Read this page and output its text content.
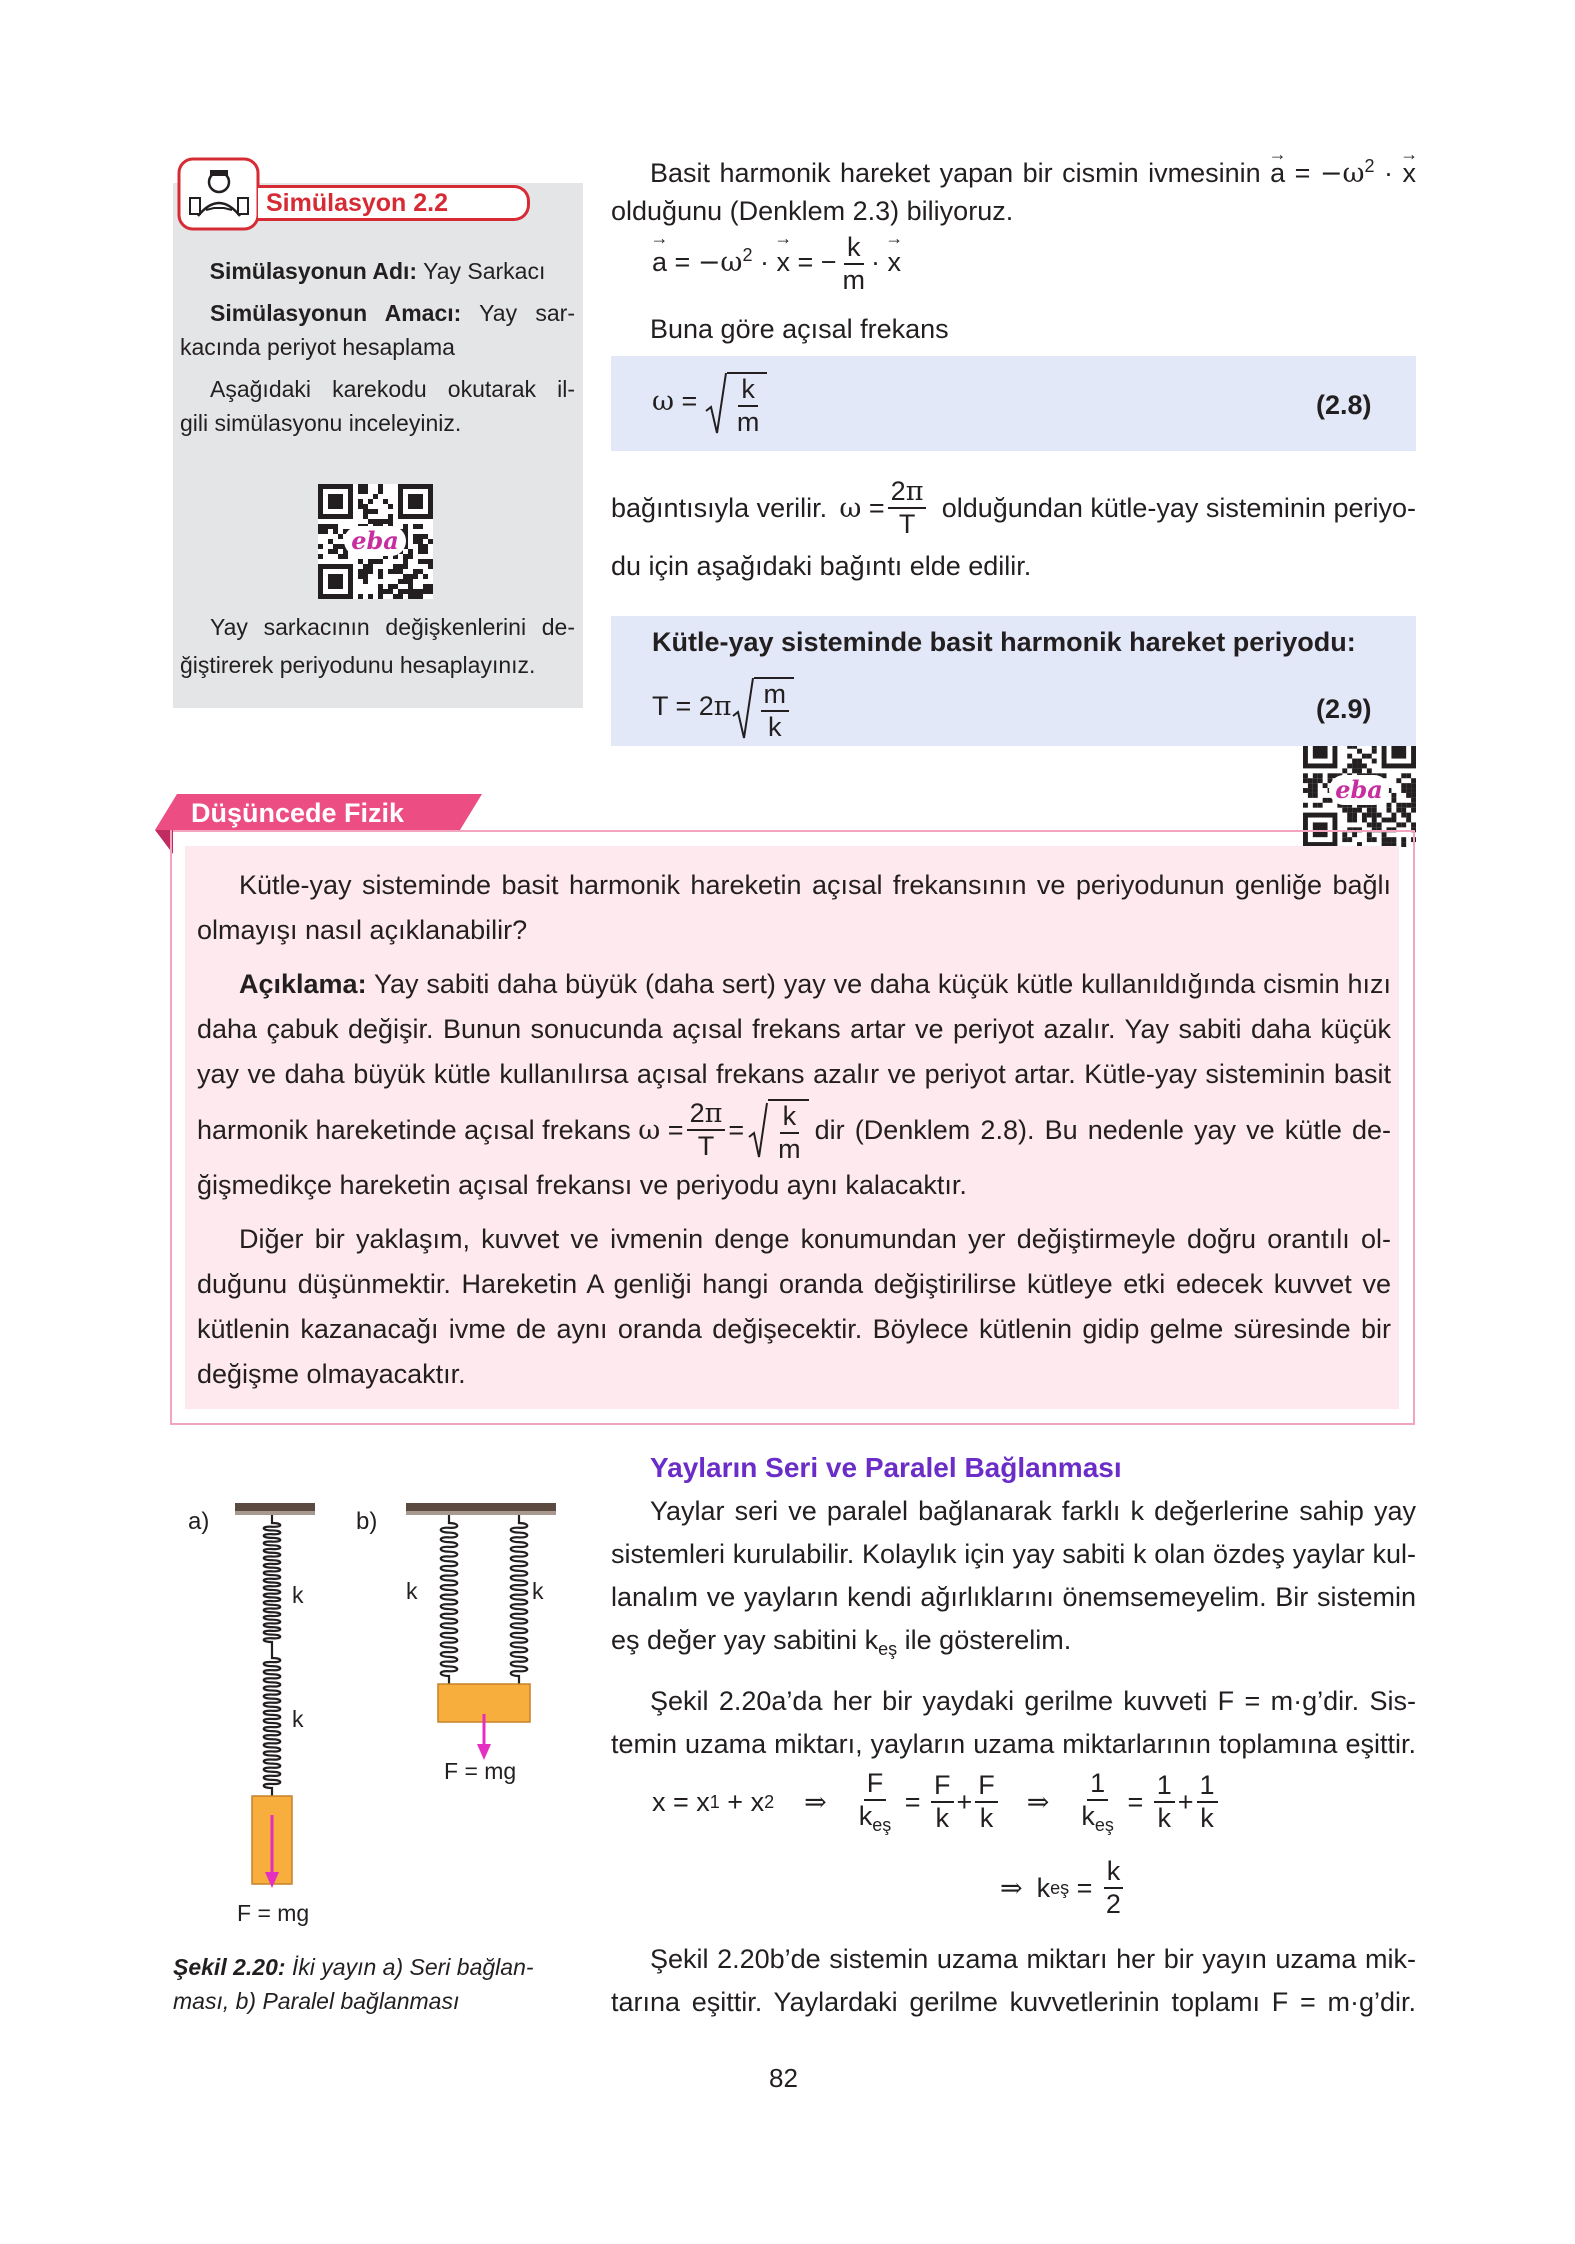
Simülasyon 2.2
Simülasyonun Adı: Yay Sarkacı
Simülasyonun Amacı: Yay sar-
kacında periyot hesaplama
Aşağıdaki karekodu okutarak il-
gili simülasyonu inceleyiniz.
Yay sarkacının değişkenlerini de-
ğiştirerek periyodunu hesaplayınız.
eba
eba
Basit harmonik hareket yapan bir cismin ivmesinin → $a = -\omega^2$ · → x
olduğunu (Denklem 2.3) biliyoruz.
→ $a = -\omega^2$ · → x = − $\frac{k}{m}$ · → x
Buna göre açısal frekans
$\omega = \frac{k}{m}$	(2.8)
bağıntısıyla verilir. $\omega = \frac{2\pi}{T}$ olduğundan kütle-yay sisteminin periyo-
du için aşağıdaki bağıntı elde edilir.
Kütle-yay sisteminde basit harmonik hareket periyodu:
$T = 2\pi \frac{m}{k}$	(2.9)
Düşüncede Fizik
Kütle-yay sisteminde basit harmonik hareketin açısal frekansının ve periyodunun genliğe bağlı
olmayışı nasıl açıklanabilir?
Açıklama: Yay sabiti daha büyük (daha sert) yay ve daha küçük kütle kullanıldığında cismin hızı
daha çabuk değişir. Bunun sonucunda açısal frekans artar ve periyot azalır. Yay sabiti daha küçük
yay ve daha büyük kütle kullanılırsa açısal frekans azalır ve periyot artar. Kütle-yay sisteminin basit
harmonik hareketinde açısal frekans
$\omega = \frac{2\pi}{T} = \frac{k}{m}$ dir (Denklem 2.8). Bu nedenle yay ve kütle de-
ğişmedikçe hareketin açısal frekansı ve periyodu aynı kalacaktır.
Diğer bir yaklaşım, kuvvet ve ivmenin denge konumundan yer değiştirmeyle doğru orantılı ol-
duğunu düşünmektir. Hareketin A genliği hangi oranda değiştirilirse kütleye etki edecek kuvvet ve
kütlenin kazanacağı ivme de aynı oranda değişecektir. Böylece kütlenin gidip gelme süresinde bir
değişme olmayacaktır.
a)	b)
k
k
k	k
F = mg
F = mg
Şekil 2.20: İki yayın a) Seri bağlan-
ması, b) Paralel bağlanması
Yayların Seri ve Paralel Bağlanması
Yaylar seri ve paralel bağlanarak farklı k değerlerine sahip yay
sistemleri kurulabilir. Kolaylık için yay sabiti k olan özdeş yaylar kul-
lanalım ve yayların kendi ağırlıklarını önemsemeyelim. Bir sistemin
eş değer yay sabitini $k_{eş}$ ile gösterelim.
Şekil 2.20a’da her bir yaydaki gerilme kuvveti F = m·g’dir. Sis-
temin uzama miktarı, yayların uzama miktarlarının toplamına eşittir.
x = x 1 + x 2 ⇒ $\frac{F}{k_{eş}} = \frac{F}{k} + \frac{F}{k}$ ⇒ $\frac{1}{k_{eş}} = \frac{1}{k} + \frac{1}{k}$
⇒ k eş = $\frac{k}{2}$
Şekil 2.20b’de sistemin uzama miktarı her bir yayın uzama mik-
tarına eşittir. Yaylardaki gerilme kuvvetlerinin toplamı F = m·g’dir.
82
